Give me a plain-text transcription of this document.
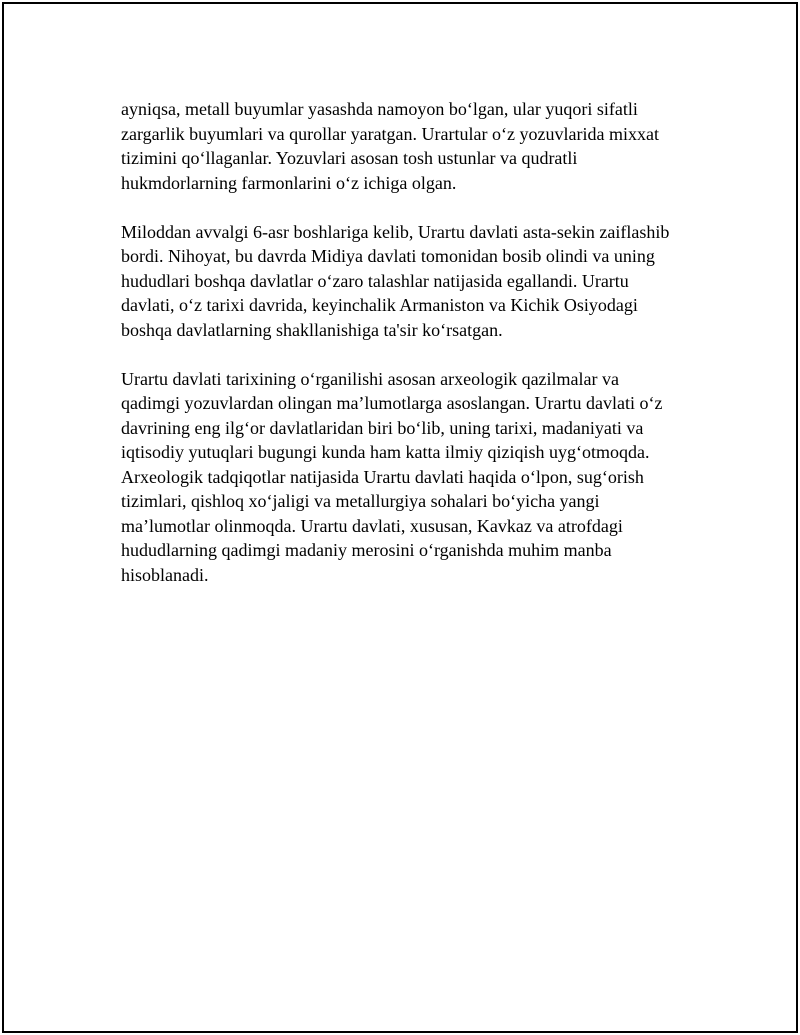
ayniqsa, metall buyumlar yasashda namoyon bo‘lgan, ular yuqori sifatli
zargarlik buyumlari va qurollar yaratgan. Urartular o‘z yozuvlarida mixxat
tizimini qo‘llaganlar. Yozuvlari asosan tosh ustunlar va qudratli
hukmdorlarning farmonlarini o‘z ichiga olgan.
Miloddan avvalgi 6-asr boshlariga kelib, Urartu davlati asta-sekin zaiflashib
bordi. Nihoyat, bu davrda Midiya davlati tomonidan bosib olindi va uning
hududlari boshqa davlatlar o‘zaro talashlar natijasida egallandi. Urartu
davlati, o‘z tarixi davrida, keyinchalik Armaniston va Kichik Osiyodagi
boshqa davlatlarning shakllanishiga ta'sir ko‘rsatgan.
Urartu davlati tarixining o‘rganilishi asosan arxeologik qazilmalar va
qadimgi yozuvlardan olingan ma’lumotlarga asoslangan. Urartu davlati o‘z
davrining eng ilg‘or davlatlaridan biri bo‘lib, uning tarixi, madaniyati va
iqtisodiy yutuqlari bugungi kunda ham katta ilmiy qiziqish uyg‘otmoqda.
Arxeologik tadqiqotlar natijasida Urartu davlati haqida o‘lpon, sug‘orish
tizimlari, qishloq xo‘jaligi va metallurgiya sohalari bo‘yicha yangi
ma’lumotlar olinmoqda. Urartu davlati, xususan, Kavkaz va atrofdagi
hududlarning qadimgi madaniy merosini o‘rganishda muhim manba
hisoblanadi.
